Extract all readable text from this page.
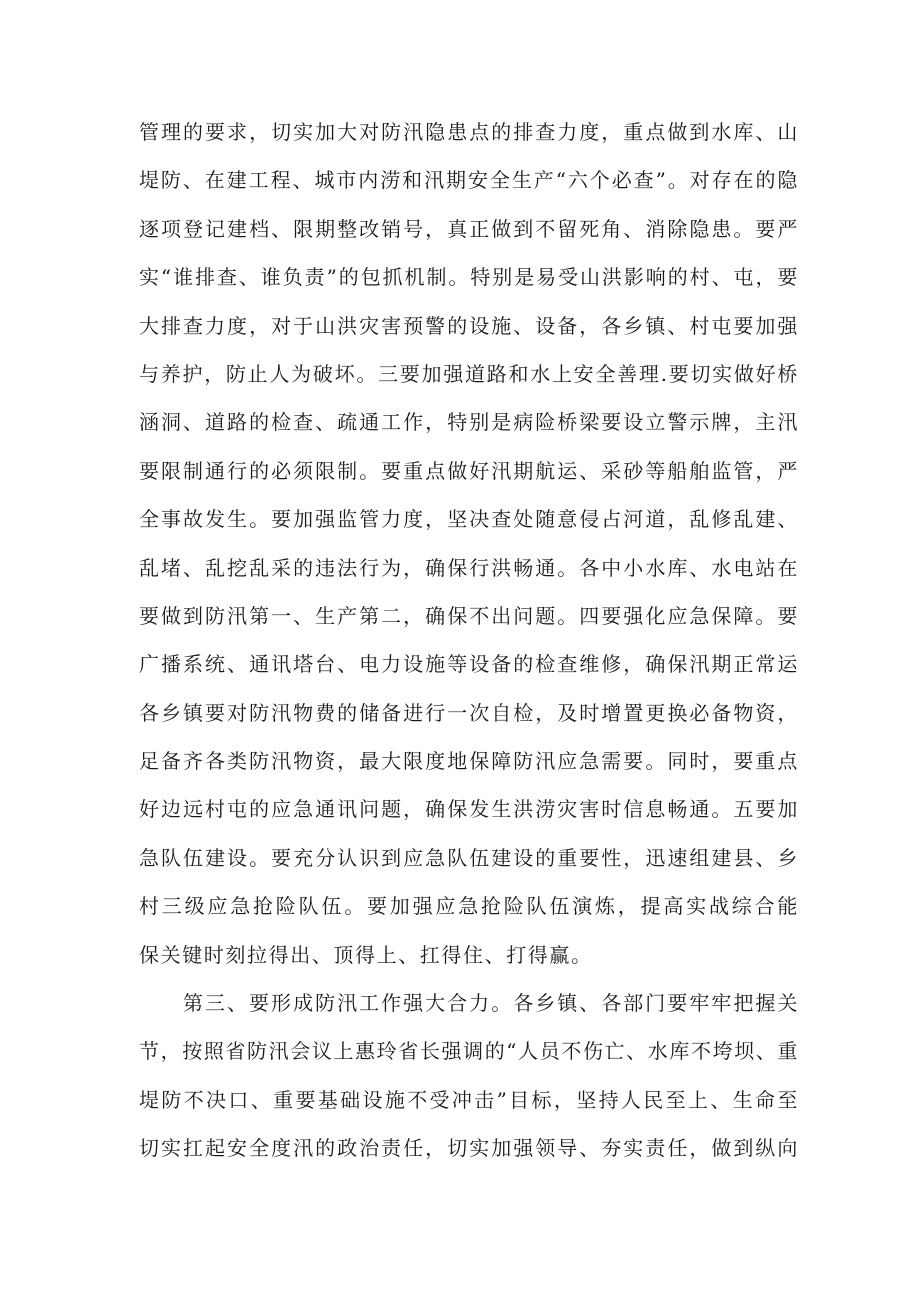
管理的要求，切实加大对防汛隐患点的排查力度，重点做到水库、山
堤防、在建工程、城市内涝和汛期安全生产“六个必查”。对存在的隐
逐项登记建档、限期整改销号，真正做到不留死角、消除隐患。要严
实“谁排查、谁负责”的包抓机制。特别是易受山洪影响的村、屯，要
大排查力度，对于山洪灾害预警的设施、设备，各乡镇、村屯要加强
与养护，防止人为破坏。三要加强道路和水上安全善理.要切实做好桥
涵洞、道路的检查、疏通工作，特别是病险桥梁要设立警示牌，主汛
要限制通行的必须限制。要重点做好汛期航运、采砂等船舶监管，严
全事故发生。要加强监管力度，坚决查处随意侵占河道，乱修乱建、
乱堵、乱挖乱采的违法行为，确保行洪畅通。各中小水库、水电站在
要做到防汛第一、生产第二，确保不出问题。四要强化应急保障。要
广播系统、通讯塔台、电力设施等设备的检查维修，确保汛期正常运
各乡镇要对防汛物费的储备进行一次自检，及时增置更换必备物资，
足备齐各类防汛物资，最大限度地保障防汛应急需要。同时，要重点
好边远村屯的应急通讯问题，确保发生洪涝灾害时信息畅通。五要加
急队伍建设。要充分认识到应急队伍建设的重要性，迅速组建县、乡
村三级应急抢险队伍。要加强应急抢险队伍演炼，提高实战综合能
保关键时刻拉得出、顶得上、扛得住、打得赢。
第三、要形成防汛工作强大合力。各乡镇、各部门要牢牢把握关
节，按照省防汛会议上惠玲省长强调的“人员不伤亡、水库不垮坝、重
堤防不决口、重要基础设施不受冲击”目标，坚持人民至上、生命至
切实扛起安全度汛的政治责任，切实加强领导、夯实责任，做到纵向
